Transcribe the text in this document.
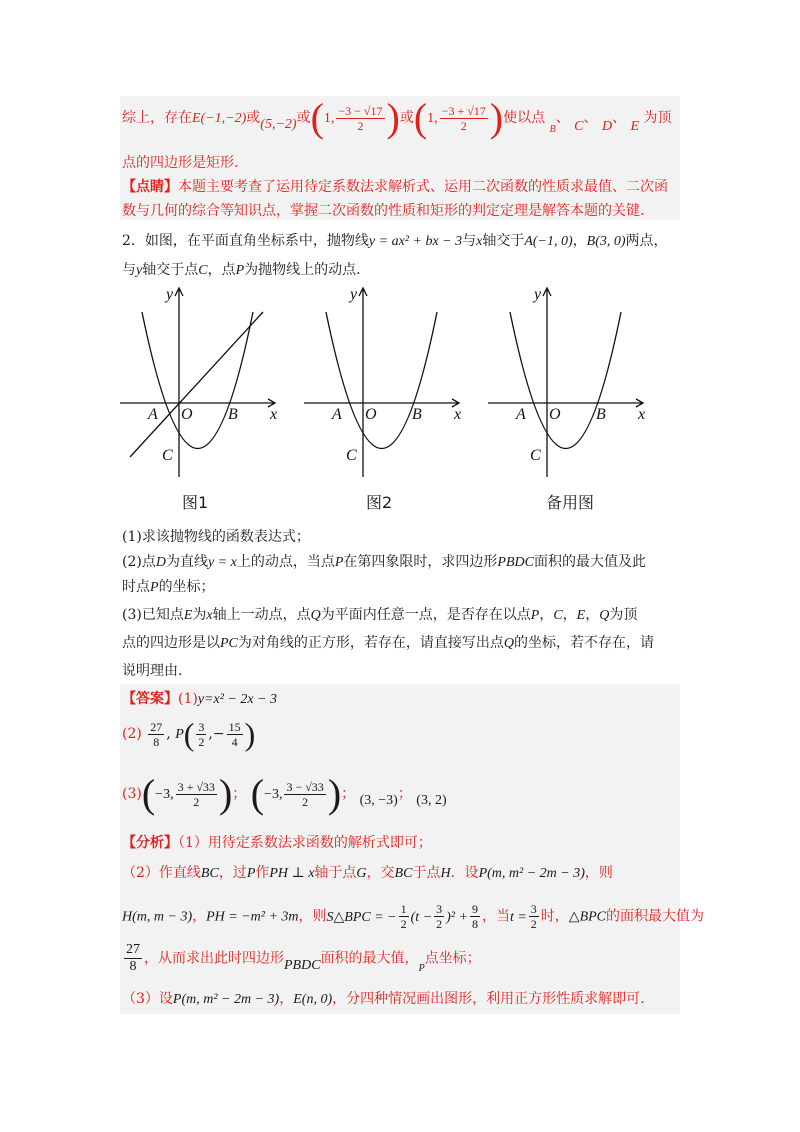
综上，存在E(−1,−2)或(5,−2)或(1, $\frac{-3 - √17}{2}$ )或(1, $\frac{-3 + √17}{2}$ )使以点 $_B$、 C、 D、 E 为顶
点的四边形是矩形.
【点睛】本题主要考查了运用待定系数法求解析式、运用二次函数的性质求最值、二次函
数与几何的综合等知识点，掌握二次函数的性质和矩形的判定定理是解答本题的关键.
2．如图，在平面直角坐标系中，抛物线y = ax² + bx − 3与x轴交于A(−1, 0)，B(3, 0)两点，
与y轴交于点C，点P为抛物线上的动点.
y
x
A O B
C
y
x
A O B
C
y
x
A O B
C
图1	图2	备用图
(1)求该抛物线的函数表达式；
(2)点D为直线y = x上的动点，当点P在第四象限时，求四边形PBDC面积的最大值及此
时点P的坐标；
(3)已知点E为x轴上一动点，点Q为平面内任意一点，是否存在以点P，C，E，Q为顶
点的四边形是以PC为对角线的正方形，若存在，请直接写出点Q的坐标，若不存在，请
说明理由.
【答案】(1)y=x² − 2x − 3
$(2) \frac{27}{8}$ , $P( \frac{3}{2}$ ,− $\frac{15}{4}$ )
(3)(−3, $\frac{3 + √33}{2}$ )； (−3, $\frac{3 - √33}{2}$ )； (3, −3)； (3, 2)
【分析】（1）用待定系数法求函数的解析式即可；
（2）作直线BC，过P作PH ⊥ x轴于点G，交BC于点H．设P(m, m² − 2m − 3)，则
H(m, m − 3)，PH = −m² + 3m，则S△BPC = − $\frac{1}{2} (t - \frac{3}{2} )^2 + \frac{9}{8}$ ，当$t = \frac{3}{2}$ 时，△BPC的面积最大值为
$\frac{27}{8}$ ，从而求出此时四边形PBDC面积的最大值，$_P$点坐标；
（3）设P(m, m² − 2m − 3)，E(n, 0)，分四种情况画出图形，利用正方形性质求解即可.
